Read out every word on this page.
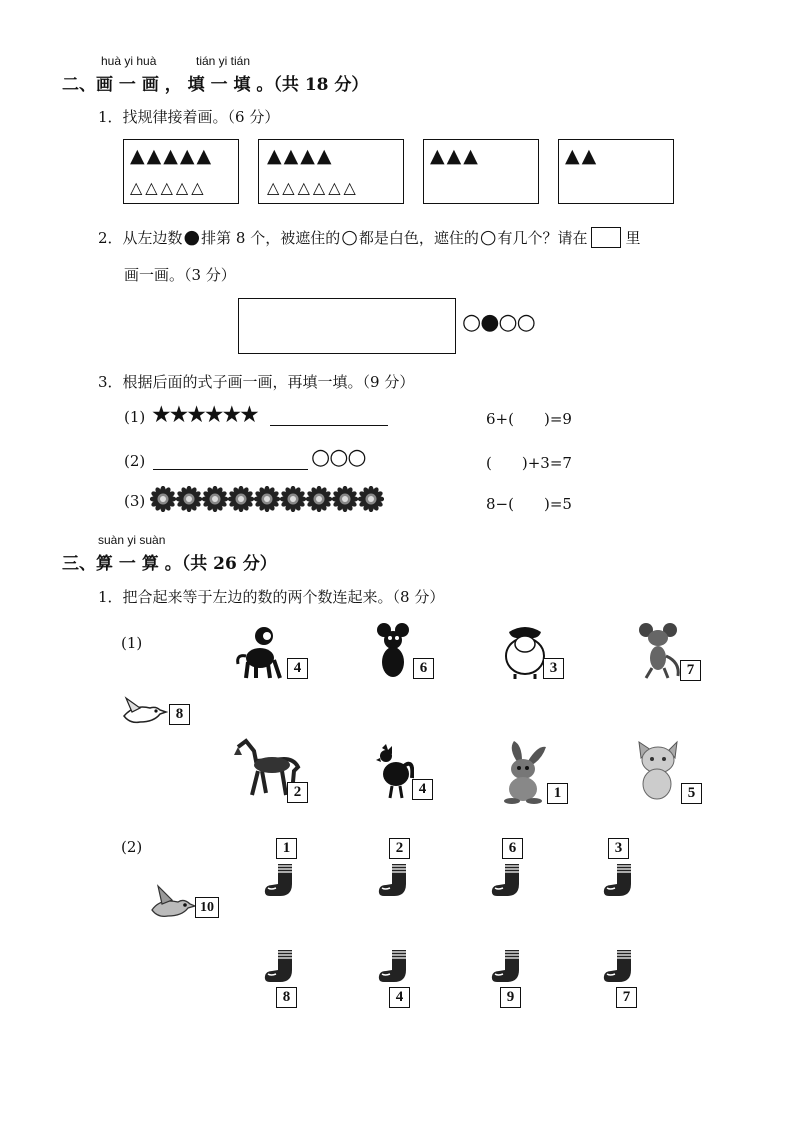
huà yi huà	tián yi tián
二、画 一 画 ， 填 一 填 。（共 18 分）
1．找规律接着画。（6 分）
▲▲▲▲▲
△△△△△
▲▲▲▲
△△△△△△
▲▲▲	▲▲
2．从左边数 ● 排第 8 个，被遮住的 ○ 都是白色，遮住的 ○ 有几个？请在	里
画一画。（3 分）
○●○○
3．根据后面的式子画一画，再填一填。（9 分）
(1) ★★★★★★	6+(　　)=9
(2)	○○○	(　　)+3=7
(3)	8−(　　)=5
suàn yi suàn
三、算 一 算 。（共 26 分）
1．把合起来等于左边的数的两个数连起来。（8 分）
(1)
8
4	6	3	7
2	4	1	5
(2)
10
1	2	6	3
8	4	9	7
